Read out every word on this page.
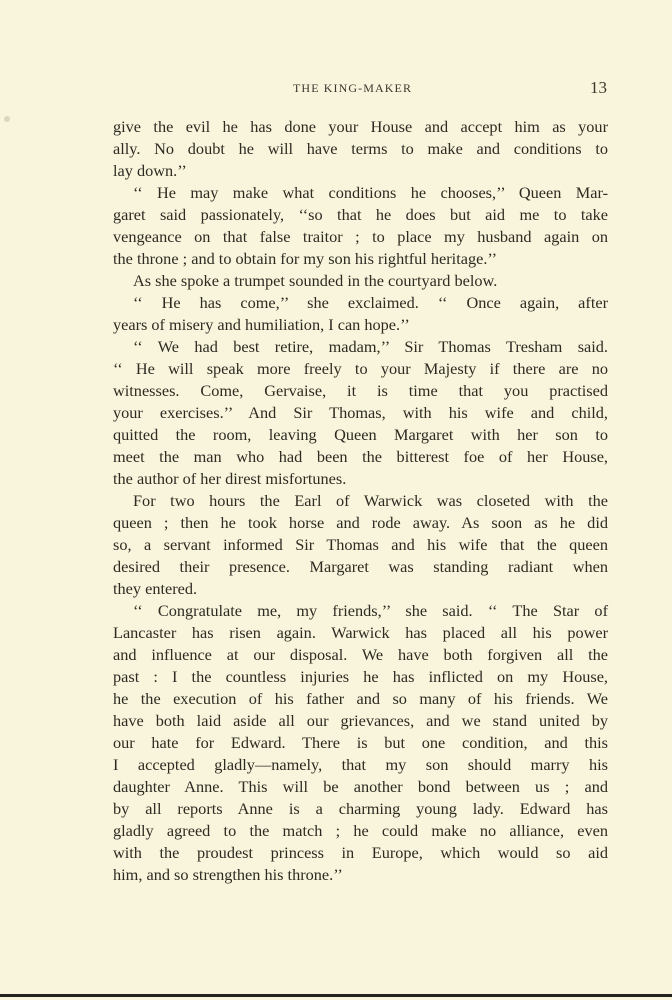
THE KING-MAKER	13
give the evil he has done your House and accept him as your
ally. No doubt he will have terms to make and conditions to
lay down.’’
‘‘ He may make what conditions he chooses,’’ Queen Mar-
garet said passionately, ‘‘so that he does but aid me to take
vengeance on that false traitor ; to place my husband again on
the throne ; and to obtain for my son his rightful heritage.’’
As she spoke a trumpet sounded in the courtyard below.
‘‘ He has come,’’ she exclaimed. ‘‘ Once again, after
years of misery and humiliation, I can hope.’’
‘‘ We had best retire, madam,’’ Sir Thomas Tresham said.
‘‘ He will speak more freely to your Majesty if there are no
witnesses. Come, Gervaise, it is time that you practised
your exercises.’’ And Sir Thomas, with his wife and child,
quitted the room, leaving Queen Margaret with her son to
meet the man who had been the bitterest foe of her House,
the author of her direst misfortunes.
For two hours the Earl of Warwick was closeted with the
queen ; then he took horse and rode away. As soon as he did
so, a servant informed Sir Thomas and his wife that the queen
desired their presence. Margaret was standing radiant when
they entered.
‘‘ Congratulate me, my friends,’’ she said. ‘‘ The Star of
Lancaster has risen again. Warwick has placed all his power
and influence at our disposal. We have both forgiven all the
past : I the countless injuries he has inflicted on my House,
he the execution of his father and so many of his friends. We
have both laid aside all our grievances, and we stand united by
our hate for Edward. There is but one condition, and this
I accepted gladly—namely, that my son should marry his
daughter Anne. This will be another bond between us ; and
by all reports Anne is a charming young lady. Edward has
gladly agreed to the match ; he could make no alliance, even
with the proudest princess in Europe, which would so aid
him, and so strengthen his throne.’’
